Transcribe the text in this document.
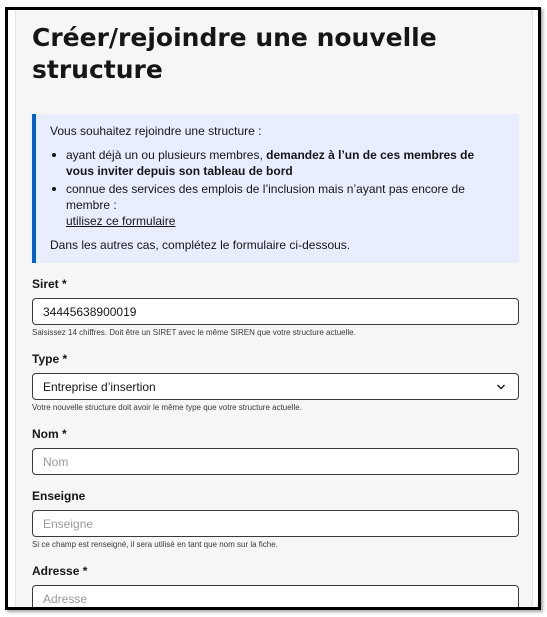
Créer/rejoindre une nouvelle structure

Vous souhaitez rejoindre une structure :

ayant déjà un ou plusieurs membres, demandez à l’un de ces membres de vous inviter depuis son tableau de bord
connue des services des emplois de l’inclusion mais n’ayant pas encore de membre :
utilisez ce formulaire

Dans les autres cas, complétez le formulaire ci-dessous.

Siret *
34445638900019
Saisissez 14 chiffres. Doit être un SIRET avec le même SIREN que votre structure actuelle.
Type *
Entreprise d’insertion
Votre nouvelle structure doit avoir le même type que votre structure actuelle.
Nom *
Nom
Enseigne
Enseigne
Si ce champ est renseigné, il sera utilisé en tant que nom sur la fiche.
Adresse *
Adresse
